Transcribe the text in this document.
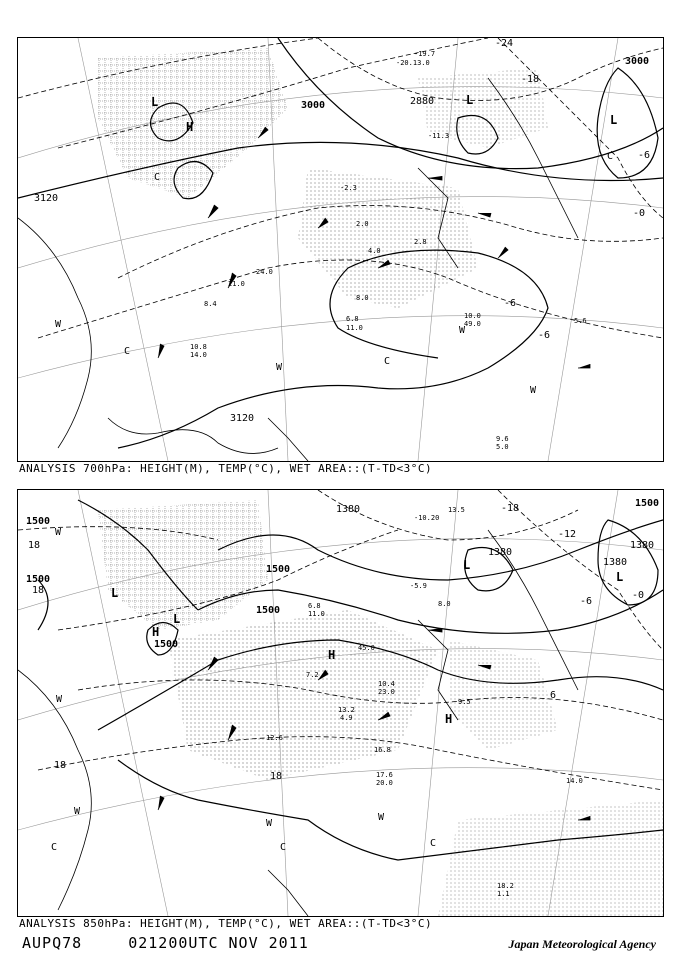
3000	2880
3120
3120
3000
-24
-18
-6
-6
-0
-6
L
H
L
L
C
W
C
W
C
W
W
C
-19.7
-20.13.0
-11.3
-2.3
2.0
2.8
4.0
8.0
10.0
9.6
5.6
10.8
8.4
6.8
11.0	49.0
24.0
21.0
14.0
5.0
ANALYSIS 700hPa: HEIGHT(M), TEMP(°C), WET AREA::(T-TD<3°C)
1500
1500
1500
1500
1500
1380
1380
1380
1380
1500
18
18
18
18
-18
-12
6
-6
-0
L
L
H
H
H
L
L
W
W
C
W
W
C
C
W
-10.20
13.5
-5.9
8.0
12.6
10.4
13.2
16.8
17.6
18.2
14.0
7.2
6.8
11.0
45.0
23.0
9.5
4.9
20.0
1.1
ANALYSIS 850hPa: HEIGHT(M), TEMP(°C), WET AREA::(T-TD<3°C)
AUPQ78	021200UTC NOV 2011	Japan Meteorological Agency
